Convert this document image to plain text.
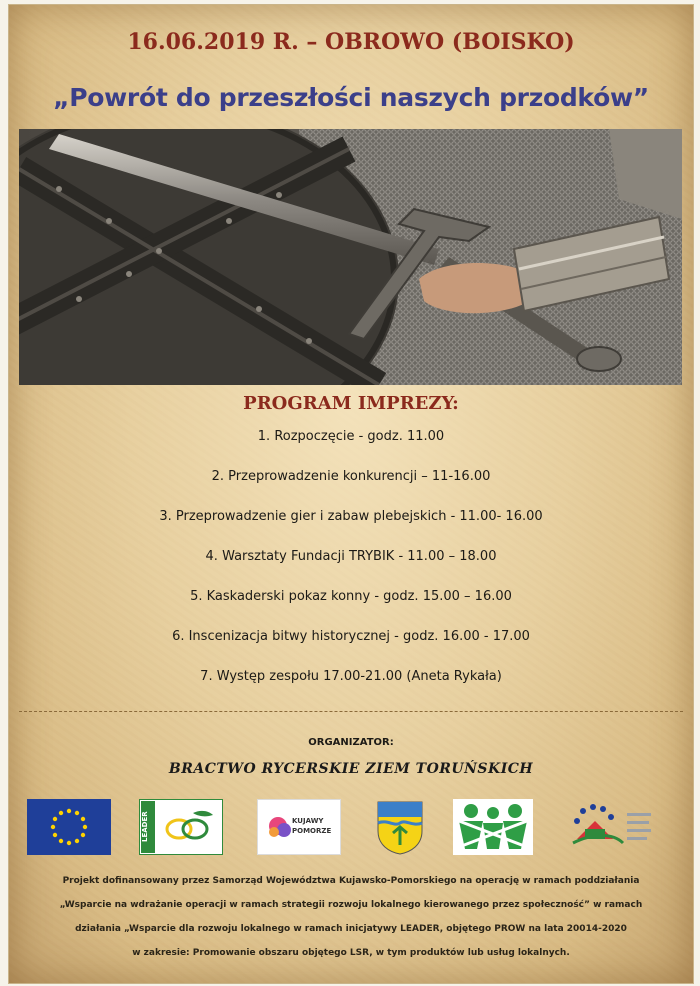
16.06.2019 R. – OBROWO (BOISKO)
„Powrót do przeszłości naszych przodków”
PROGRAM IMPREZY:
1. Rozpoczęcie - godz. 11.00
2. Przeprowadzenie konkurencji – 11-16.00
3. Przeprowadzenie gier i zabaw plebejskich - 11.00- 16.00
4. Warsztaty Fundacji TRYBIK - 11.00 – 18.00
5. Kaskaderski pokaz konny - godz. 15.00 – 16.00
6. Inscenizacja bitwy historycznej - godz. 16.00 - 17.00
7. Występ zespołu 17.00-21.00 (Aneta Rykała)
ORGANIZATOR:
BRACTWO RYCERSKIE ZIEM TORUŃSKICH
LEADER	KUJAWY
POMORZE

Projekt dofinansowany przez Samorząd Województwa Kujawsko-Pomorskiego na operację w ramach poddziałania

„Wsparcie na wdrażanie operacji w ramach strategii rozwoju lokalnego kierowanego przez społeczność” w ramach

działania „Wsparcie dla rozwoju lokalnego w ramach inicjatywy LEADER, objętego PROW na lata 20014-2020

w zakresie: Promowanie obszaru objętego LSR, w tym produktów lub usług lokalnych.
